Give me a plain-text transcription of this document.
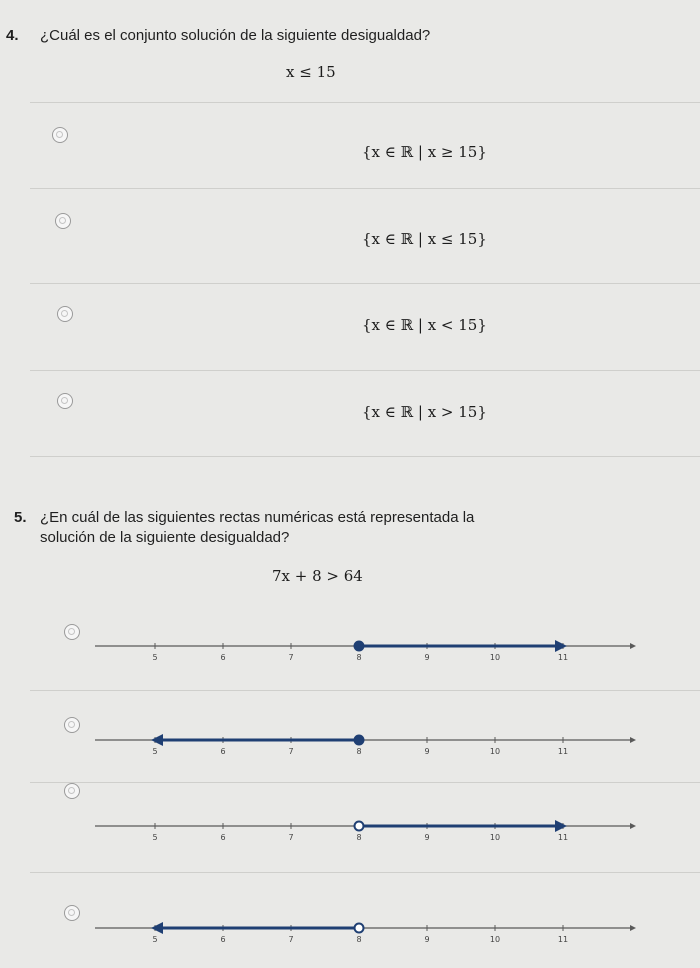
4. ¿Cuál es el conjunto solución de la siguiente desigualdad?
x ≤ 15
{x ∈ ℝ | x ≥ 15}
{x ∈ ℝ | x ≤ 15}
{x ∈ ℝ | x < 15}
{x ∈ ℝ | x > 15}
5. ¿En cuál de las siguientes rectas numéricas está representada la
solución de la siguiente desigualdad?
7x + 8 > 64
5	6	7	8	9	10	11
5	6	7	8	9	10	11
5	6	7	8	9	10	11
5	6	7	8	9	10	11
